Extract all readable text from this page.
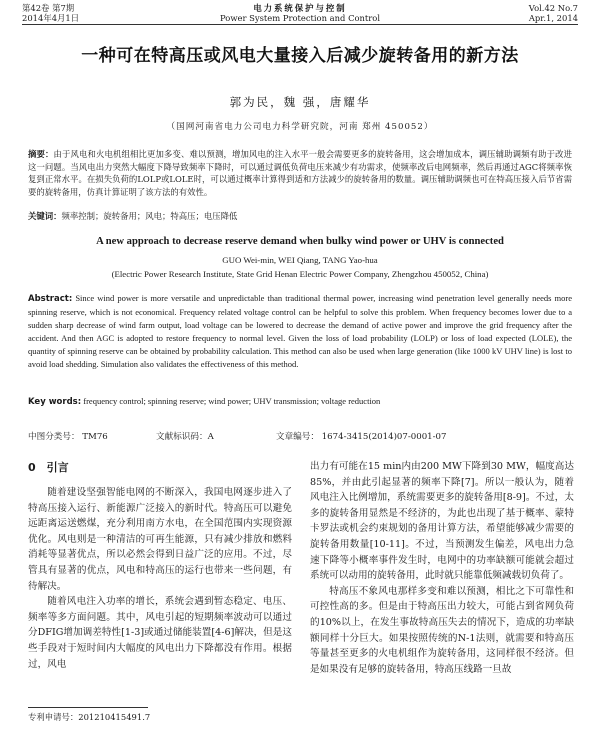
第42卷 第7期
2014年4月1日
电力系统保护与控制
Power System Protection and Control
Vol.42 No.7
Apr.1, 2014
一种可在特高压或风电大量接入后减少旋转备用的新方法
郭为民，魏 强，唐耀华
（国网河南省电力公司电力科学研究院，河南 郑州 450052）
摘要：由于风电和火电机组相比更加多变、难以预测，增加风电的注入水平一般会需要更多的旋转备用，这会增加成本，调压辅助调频有助于改进这一问题。当风电出力突然大幅度下降导致频率下降时，可以通过调低负荷电压来减少有功需求，使频率改后电网频率，然后再通过AGC将频率恢复到正常水平。在损失负荷的LOLP或LOLE时，可以通过概率计算得到适和方法减少的旋转备用的数量。调压辅助调频也可在特高压接入后节省需要的旋转备用，仿真计算证明了该方法的有效性。
关键词：频率控制；旋转备用；风电；特高压；电压降低
A new approach to decrease reserve demand when bulky wind power or UHV is connected
GUO Wei-min, WEI Qiang, TANG Yao-hua
(Electric Power Research Institute, State Grid Henan Electric Power Company, Zhengzhou 450052, China)
Abstract: Since wind power is more versatile and unpredictable than traditional thermal power, increasing wind penetration level generally needs more spinning reserve, which is not economical. Frequency related voltage control can be helpful to solve this problem. When frequency becomes lower due to a sudden sharp decrease of wind farm output, load voltage can be lowered to decrease the demand of active power and improve the grid frequency after the accident. And then AGC is adopted to restore frequency to normal level. Given the loss of load probability (LOLP) or loss of load expected (LOLE), the quantity of spinning reserve can be obtained by probability calculation. This method can also be used when large generation (like 1000 kV UHV line) is lost to avoid load shedding. Simulation also validates the effectiveness of this method.
Key words: frequency control; spinning reserve; wind power; UHV transmission; voltage reduction
中图分类号： TM76	文献标识码：A	文章编号： 1674-3415(2014)07-0001-07
0　引言

随着建设坚强智能电网的不断深入，我国电网逐步进入了特高压接入运行、新能源广泛接入的新时代。特高压可以避免远距离运送燃煤，充分利用南方水电，在全国范围内实现资源优化。风电则是一种清洁的可再生能源，只有减少排放和燃料消耗等显著优点，所以必然会得到日益广泛的应用。不过，尽管具有显著的优点，风电和特高压的运行也带来一些问题，有待解决。

随着风电注入功率的增长，系统会遇到暂态稳定、电压、频率等多方面问题。其中，风电引起的短期频率波动可以通过分DFIG增加调差特性[1-3]或通过储能装置[4-6]解决，但是这些手段对于短时间内大幅度的风电出力下降都没有作用。根据过，风电

出力有可能在15 min内由200 MW下降到30 MW，幅度高达85%，并由此引起显著的频率下降[7]。所以一般认为，随着风电注入比例增加，系统需要更多的旋转备用[8-9]。不过，太多的旋转备用显然是不经济的，为此也出现了基于概率、蒙特卡罗法或机会约束规划的备用计算方法，希望能够减少需要的旋转备用数量[10-11]。不过，当预测发生偏差，风电出力急速下降等小概率事件发生时，电网中的功率缺额可能就会超过系统可以动用的旋转备用，此时就只能靠低频减载切负荷了。

特高压不象风电那样多变和难以预测，相比之下可靠性和可控性高的多。但是由于特高压出力较大，可能占到省网负荷的10%以上，在发生事故特高压失去的情况下，造成的功率缺额同样十分巨大。如果按照传统的N-1法则，就需要和特高压等量甚至更多的火电机组作为旋转备用，这同样很不经济。但是如果没有足够的旋转备用，特高压线路一旦故

专利申请号：201210415491.7
